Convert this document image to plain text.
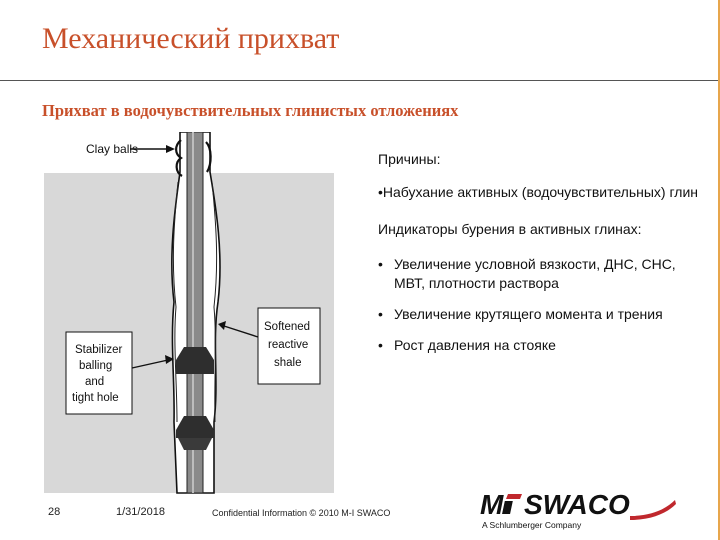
Механический прихват
Прихват в водочувствительных глинистых отложениях
Clay balls
Stabilizer
balling
and
tight hole
Softened
reactive
shale

Причины:

•Набухание активных (водочувствительных) глин

Индикаторы бурения в активных глинах:

• Увеличение условной вязкости, ДНС, СНС, МВТ, плотности раствора
• Увеличение крутящего момента и трения
• Рост давления на стояке
28	1/31/2018	Confidential Information © 2010 M-I SWACO	M SWACO
A Schlumberger Company
